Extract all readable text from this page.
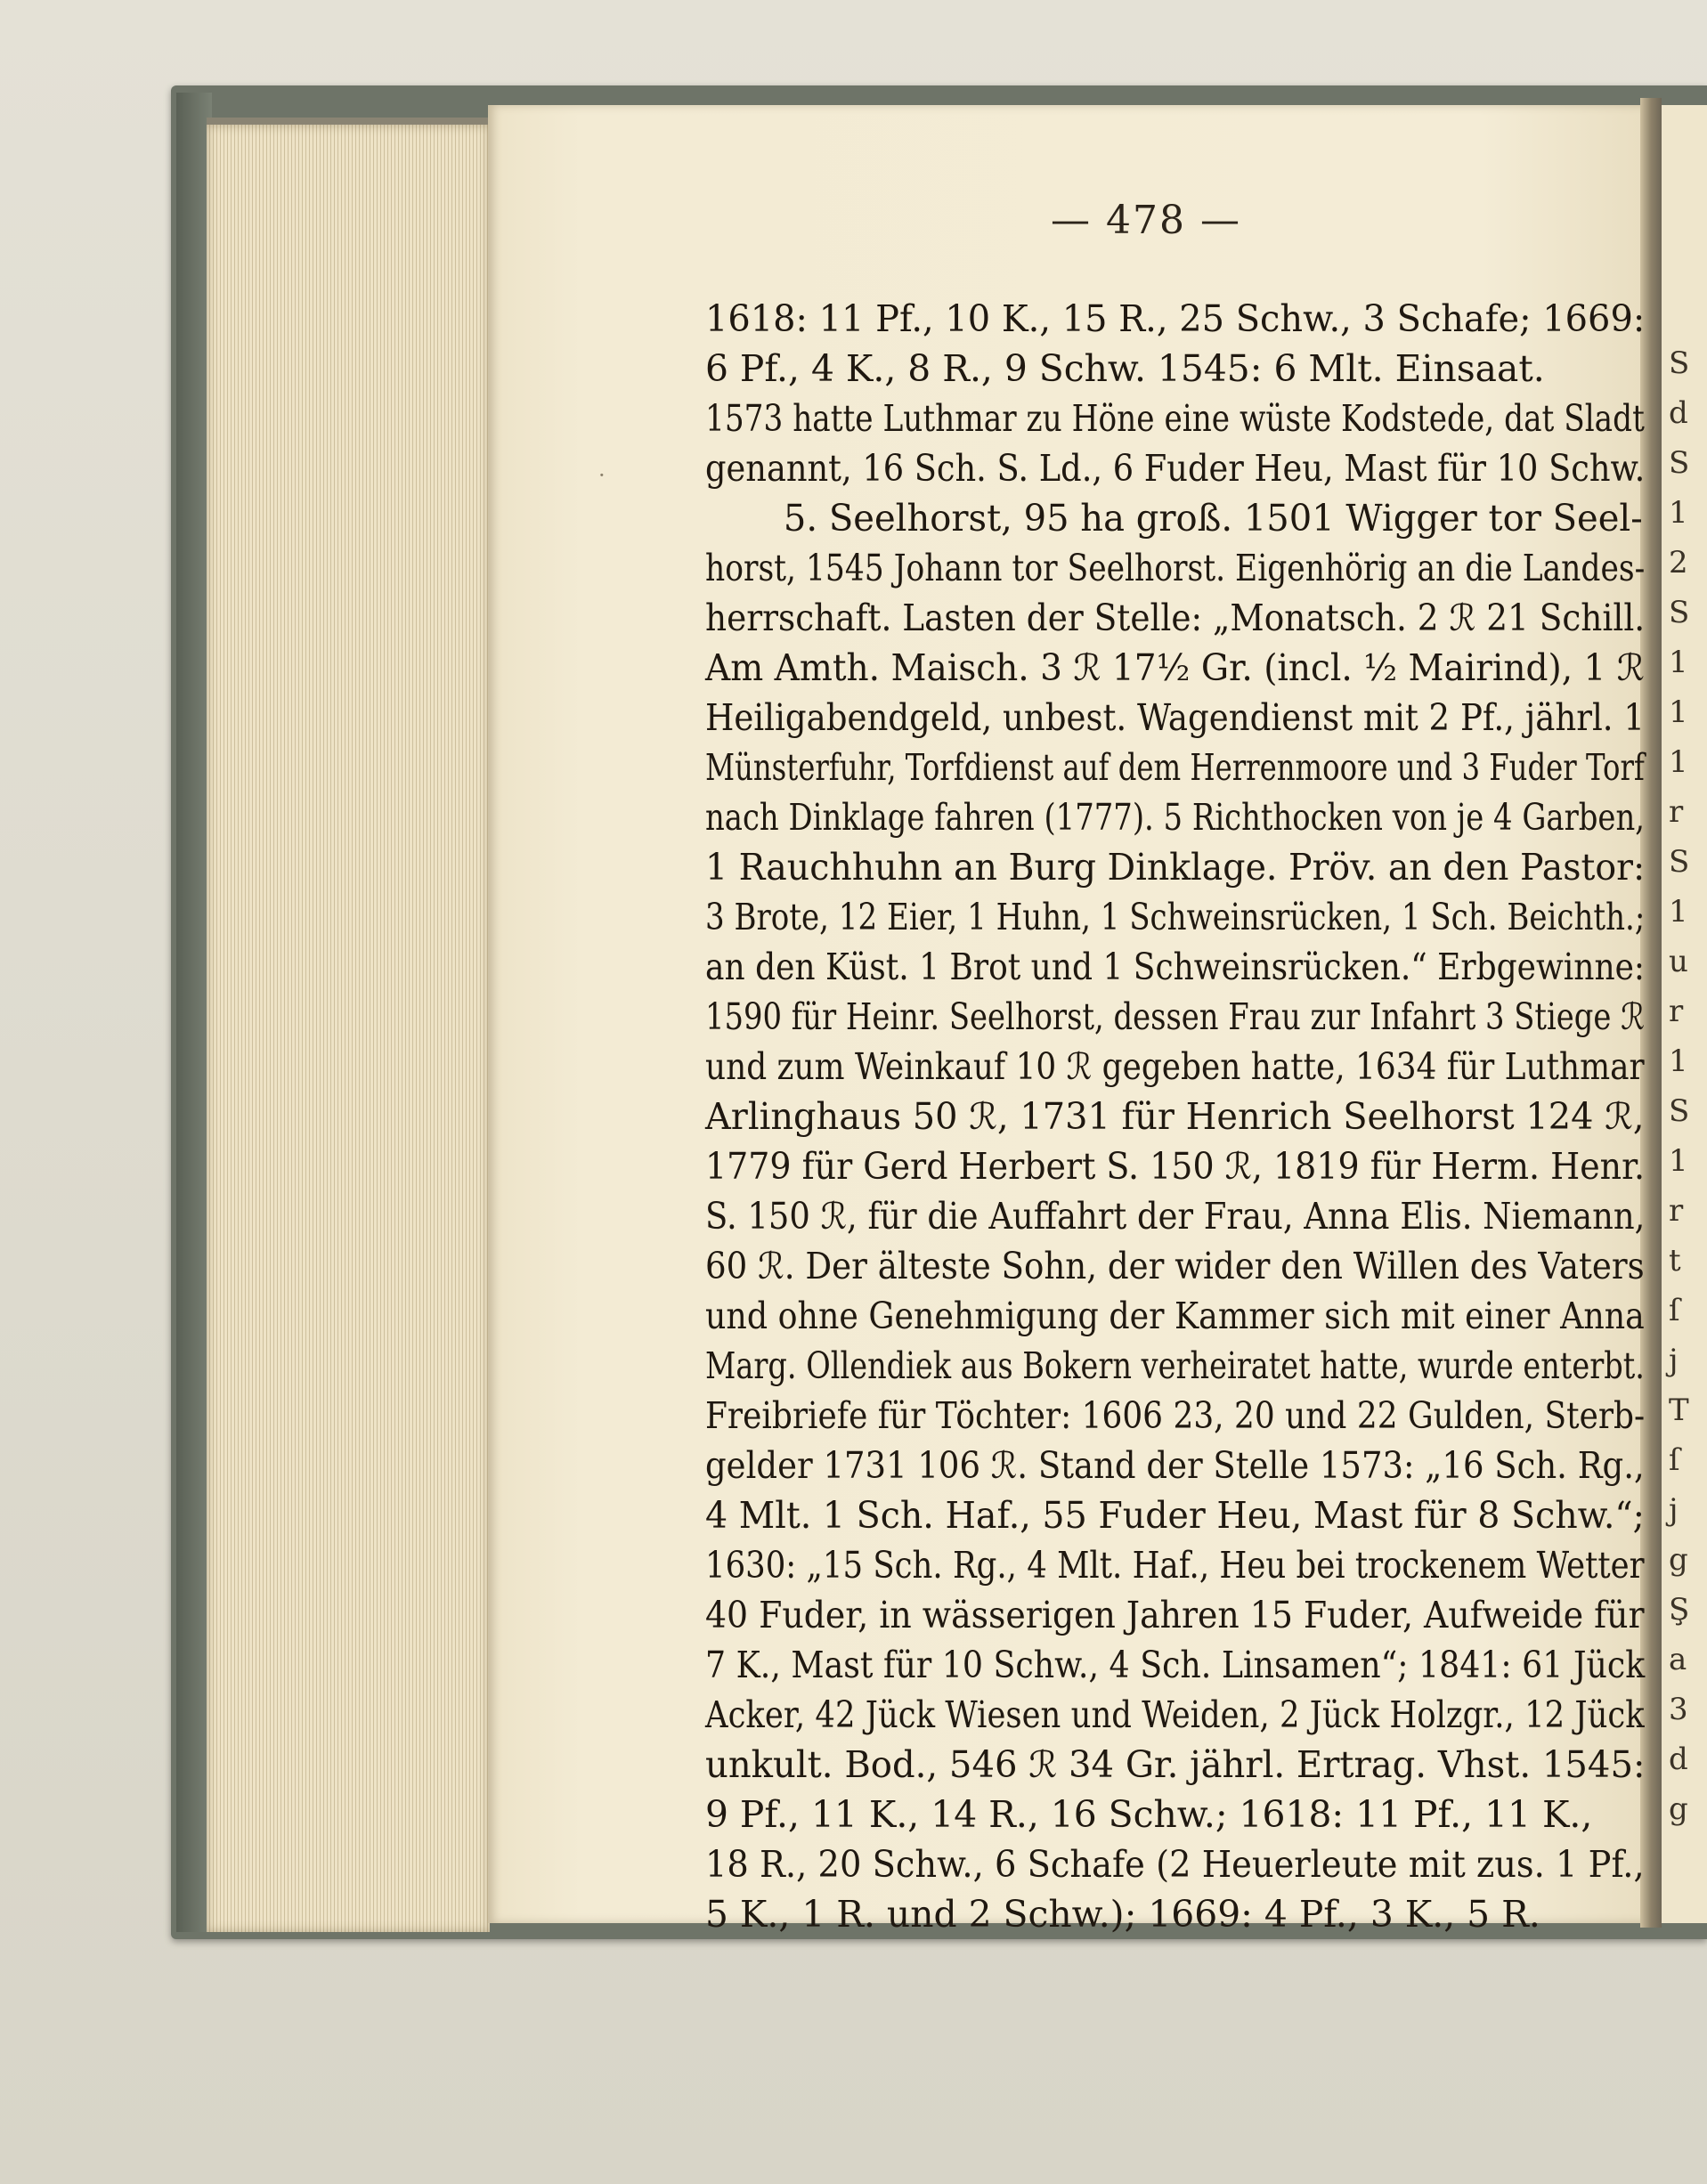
S
d
S
1
2
S
1
1
1
r
S
1
u
r
1
S
1
r
t
ſ
j
T
ſ
j
g
Ş
a
3
d
g
— 478 —
·
1618: 11 Pf., 10 K., 15 R., 25 Schw., 3 Schafe; 1669:
6 Pf., 4 K., 8 R., 9 Schw. 1545: 6 Mlt. Einsaat.
1573 hatte Luthmar zu Höne eine wüste Kodstede, dat Sladt
genannt, 16 Sch. S. Ld., 6 Fuder Heu, Mast für 10 Schw.
5. Seelhorst, 95 ha groß. 1501 Wigger tor Seel-
horst, 1545 Johann tor Seelhorst. Eigenhörig an die Landes-
herrschaft. Lasten der Stelle: „Monatsch. 2 ℛ 21 Schill.
Am Amth. Maisch. 3 ℛ 17½ Gr. (incl. ½ Mairind), 1 ℛ
Heiligabendgeld, unbest. Wagendienst mit 2 Pf., jährl. 1
Münsterfuhr, Torfdienst auf dem Herrenmoore und 3 Fuder Torf
nach Dinklage fahren (1777). 5 Richthocken von je 4 Garben,
1 Rauchhuhn an Burg Dinklage. Pröv. an den Pastor:
3 Brote, 12 Eier, 1 Huhn, 1 Schweinsrücken, 1 Sch. Beichth.;
an den Küst. 1 Brot und 1 Schweinsrücken.“ Erbgewinne:
1590 für Heinr. Seelhorst, dessen Frau zur Infahrt 3 Stiege ℛ
und zum Weinkauf 10 ℛ gegeben hatte, 1634 für Luthmar
Arlinghaus 50 ℛ, 1731 für Henrich Seelhorst 124 ℛ,
1779 für Gerd Herbert S. 150 ℛ, 1819 für Herm. Henr.
S. 150 ℛ, für die Auffahrt der Frau, Anna Elis. Niemann,
60 ℛ. Der älteste Sohn, der wider den Willen des Vaters
und ohne Genehmigung der Kammer sich mit einer Anna
Marg. Ollendiek aus Bokern verheiratet hatte, wurde enterbt.
Freibriefe für Töchter: 1606 23, 20 und 22 Gulden, Sterb-
gelder 1731 106 ℛ. Stand der Stelle 1573: „16 Sch. Rg.,
4 Mlt. 1 Sch. Haf., 55 Fuder Heu, Mast für 8 Schw.“;
1630: „15 Sch. Rg., 4 Mlt. Haf., Heu bei trockenem Wetter
40 Fuder, in wässerigen Jahren 15 Fuder, Aufweide für
7 K., Mast für 10 Schw., 4 Sch. Linsamen“; 1841: 61 Jück
Acker, 42 Jück Wiesen und Weiden, 2 Jück Holzgr., 12 Jück
unkult. Bod., 546 ℛ 34 Gr. jährl. Ertrag. Vhst. 1545:
9 Pf., 11 K., 14 R., 16 Schw.; 1618: 11 Pf., 11 K.,
18 R., 20 Schw., 6 Schafe (2 Heuerleute mit zus. 1 Pf.,
5 K., 1 R. und 2 Schw.); 1669: 4 Pf., 3 K., 5 R.
